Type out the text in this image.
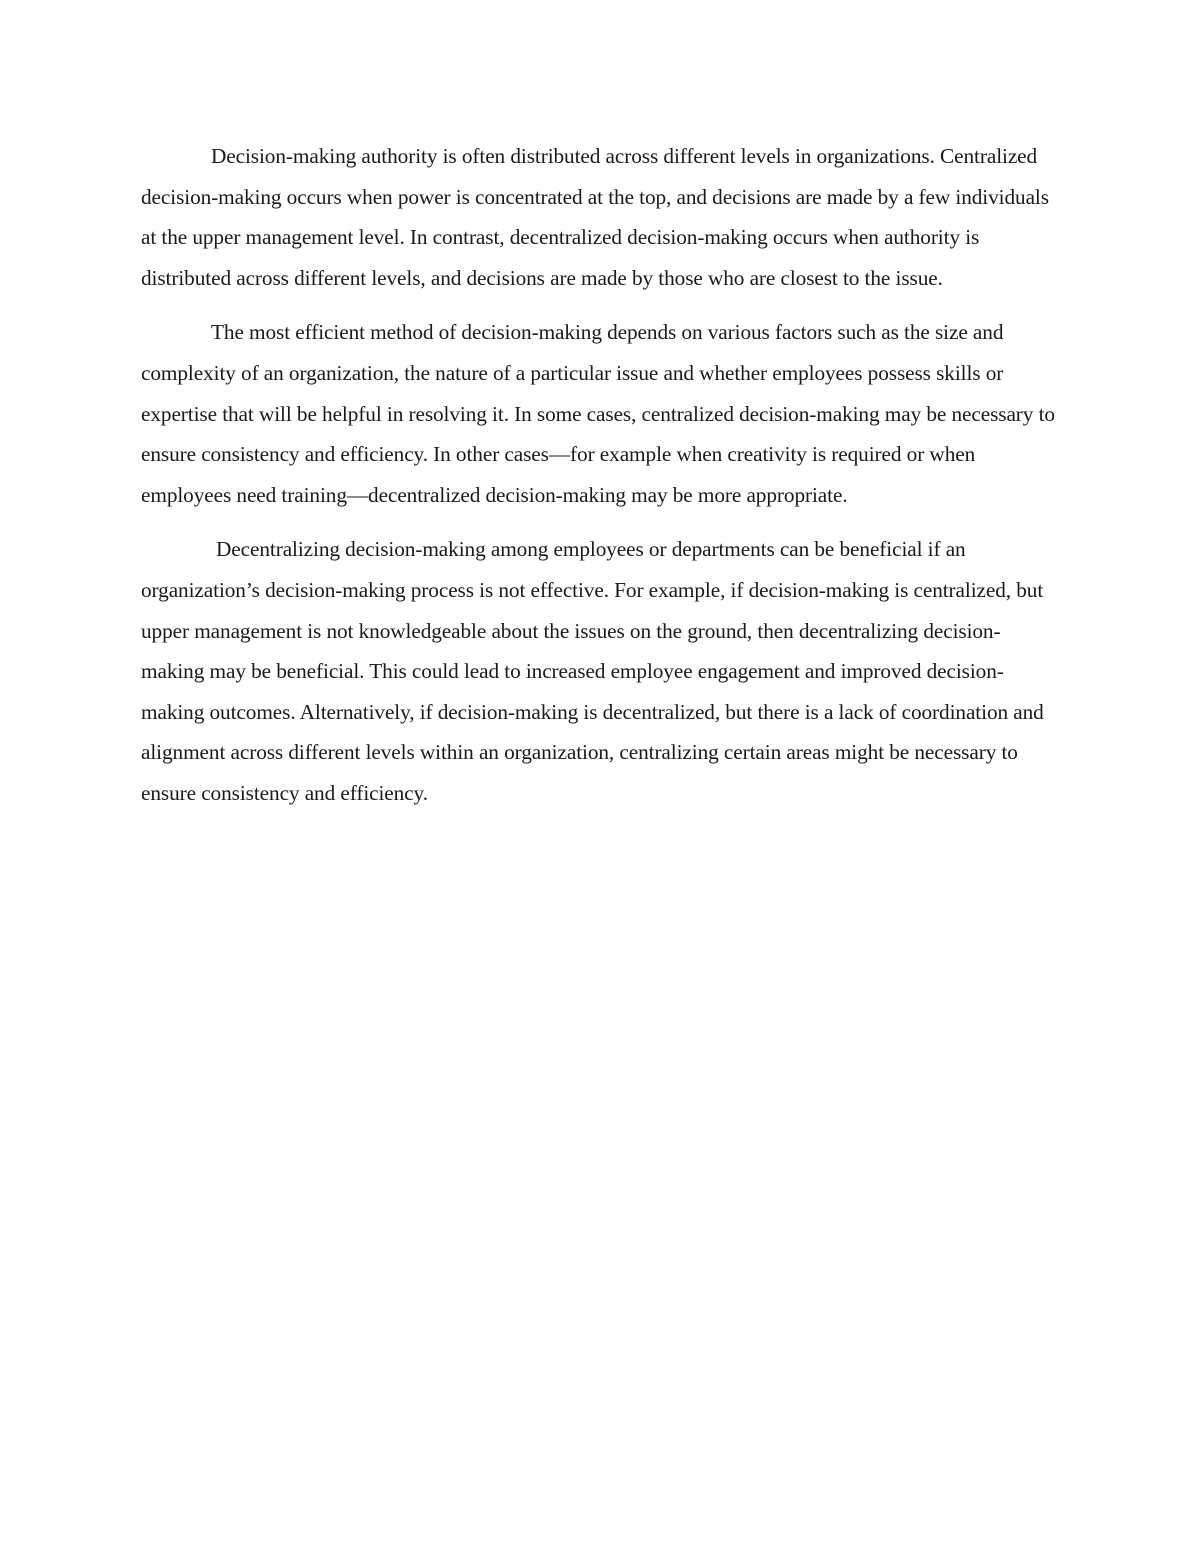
Decision-making authority is often distributed across different levels in organizations. Centralized decision-making occurs when power is concentrated at the top, and decisions are made by a few individuals at the upper management level. In contrast, decentralized decision-making occurs when authority is distributed across different levels, and decisions are made by those who are closest to the issue.

The most efficient method of decision-making depends on various factors such as the size and complexity of an organization, the nature of a particular issue and whether employees possess skills or expertise that will be helpful in resolving it. In some cases, centralized decision-making may be necessary to ensure consistency and efficiency. In other cases—for example when creativity is required or when employees need training—decentralized decision-making may be more appropriate.

Decentralizing decision-making among employees or departments can be beneficial if an organization’s decision-making process is not effective. For example, if decision-making is centralized, but upper management is not knowledgeable about the issues on the ground, then decentralizing decision-making may be beneficial. This could lead to increased employee engagement and improved decision-making outcomes. Alternatively, if decision-making is decentralized, but there is a lack of coordination and alignment across different levels within an organization, centralizing certain areas might be necessary to ensure consistency and efficiency.
